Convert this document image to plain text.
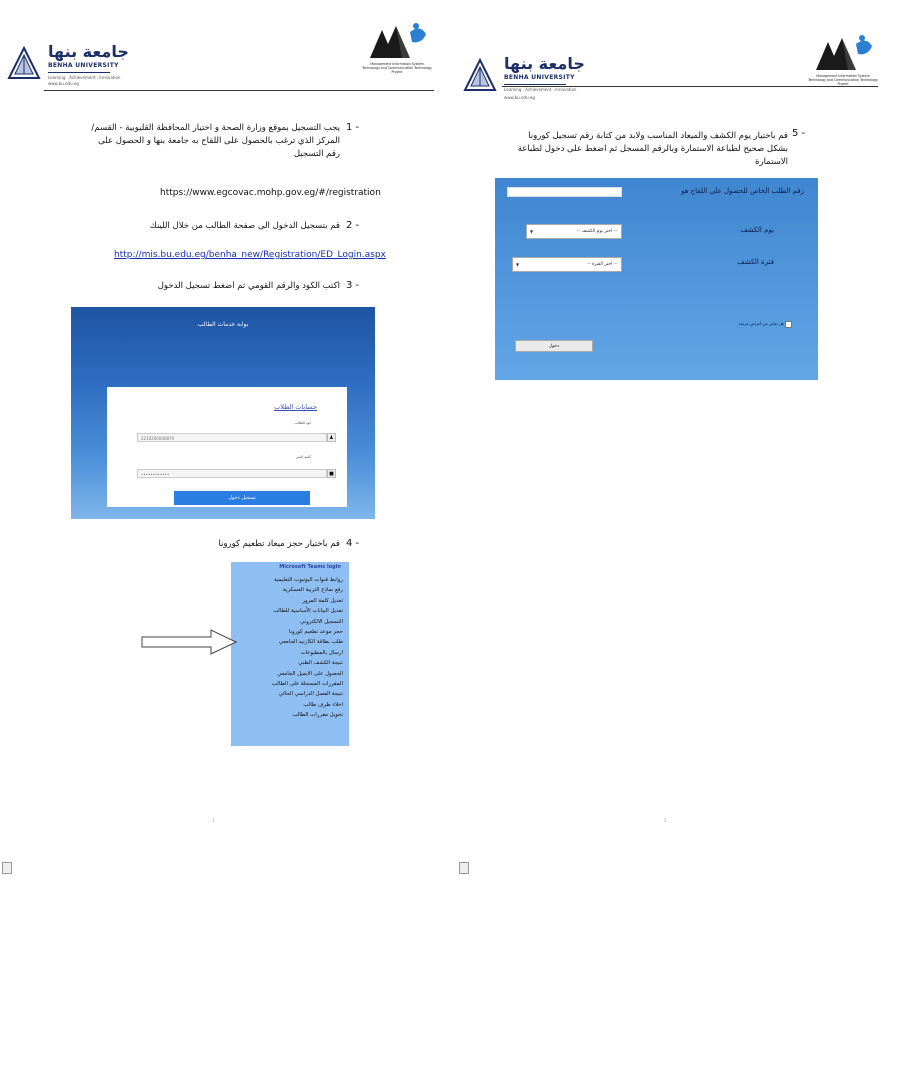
جامعة بنها
BENHA UNIVERSITY
Learning . Achievement . Innovation
www.bu.edu.eg
Management Information System Technology and Communication Technology Project
1 -
يجب التسجيل بموقع وزارة الصحة و اختيار المحافظة القليوبية - القسم/المركز الذي ترغب بالحصول على اللقاح به جامعة بنها و الحصول على رقم التسجيل
https://www.egcovac.mohp.gov.eg/#/registration
2 -
قم بتسجيل الدخول الى صفحة الطالب من خلال اللينك
http://mis.bu.edu.eg/benha_new/Registration/ED_Login.aspx
3 -
اكتب الكود والرقم القومي ثم اضغط تسجيل الدخول
بوابة خدمات الطالب
حسابات الطلاب
كود الطالب
2210200000879	♟
كلمة السر
••••••••••••	■
تسجيل دخول
4 -
قم باختيار حجز ميعاد تطعيم كورونا
Microsoft Teams login
روابط قنوات اليوتيوب التعليمية
رفع نماذج التربية العسكرية
تعديل كلمة المرور
تعديل البيانات الأساسية للطالب
التسجيل الالكتروني
حجز موعد تطعيم كورونا
طلب بطاقة الكارنيه الجامعي
ارسال بالمطبوعات
نتيجة الكشف الطبي
الحصول على الايميل الجامعي
المقررات المسجلة على الطالب
نتيجة الفصل الدراسي الحالي
اخلاء طرف طالب
تحويل مقررات الطالب
1
جامعة بنها
BENHA UNIVERSITY
Learning . Achievement . Innovation
www.bu.edu.eg
Management Information System Technology and Communication Technology Project
5 -
قم باختيار يوم الكشف والميعاد المناسب ولابد من كتابة رقم تسجيل كورونا بشكل صحيح لطباعة الاستمارة وبالرقم المسجل ثم اضغط على دخول لطباعة الاستمارة
رقم الطلب الخاص للحصول على اللقاح هو
يوم الكشف
-- اختر يوم الكشف --
▼
فترة الكشف
-- اختر الفترة --
▼
هل تعاني من أمراض مزمنة
دخول
2
